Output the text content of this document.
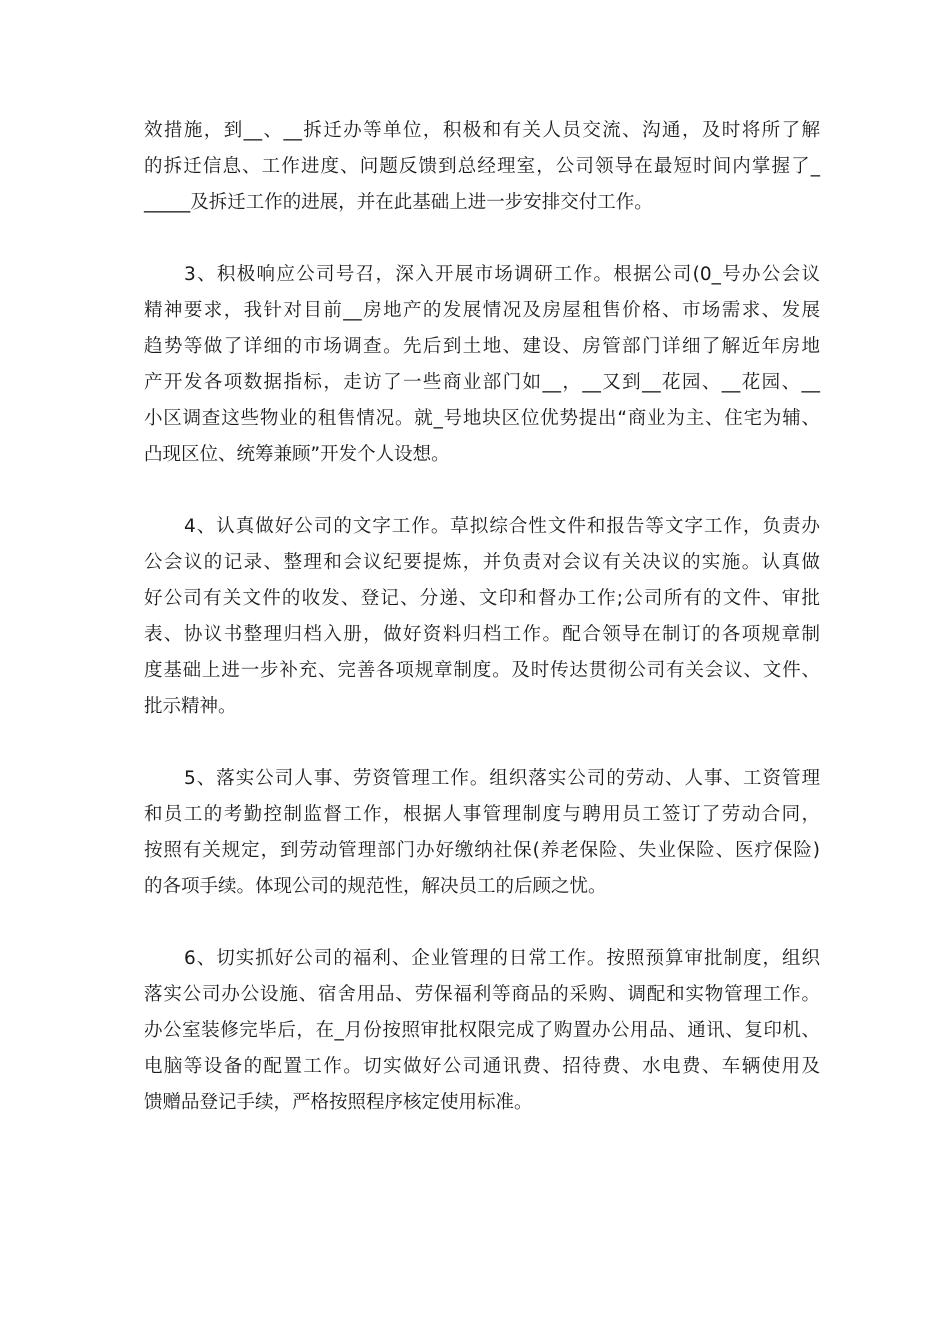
效措施，到__、__拆迁办等单位，积极和有关人员交流、沟通，及时将所了解
的拆迁信息、工作进度、问题反馈到总经理室，公司领导在最短时间内掌握了_
_____及拆迁工作的进展，并在此基础上进一步安排交付工作。

3、积极响应公司号召，深入开展市场调研工作。根据公司(0_号办公会议
精神要求，我针对目前__房地产的发展情况及房屋租售价格、市场需求、发展
趋势等做了详细的市场调查。先后到土地、建设、房管部门详细了解近年房地
产开发各项数据指标，走访了一些商业部门如__，__又到__花园、__花园、__
小区调查这些物业的租售情况。就_号地块区位优势提出“商业为主、住宅为辅、
凸现区位、统筹兼顾”开发个人设想。

4、认真做好公司的文字工作。草拟综合性文件和报告等文字工作，负责办
公会议的记录、整理和会议纪要提炼，并负责对会议有关决议的实施。认真做
好公司有关文件的收发、登记、分递、文印和督办工作;公司所有的文件、审批
表、协议书整理归档入册，做好资料归档工作。配合领导在制订的各项规章制
度基础上进一步补充、完善各项规章制度。及时传达贯彻公司有关会议、文件、
批示精神。

5、落实公司人事、劳资管理工作。组织落实公司的劳动、人事、工资管理
和员工的考勤控制监督工作，根据人事管理制度与聘用员工签订了劳动合同，
按照有关规定，到劳动管理部门办好缴纳社保(养老保险、失业保险、医疗保险)
的各项手续。体现公司的规范性，解决员工的后顾之忧。

6、切实抓好公司的福利、企业管理的日常工作。按照预算审批制度，组织
落实公司办公设施、宿舍用品、劳保福利等商品的采购、调配和实物管理工作。
办公室装修完毕后，在_月份按照审批权限完成了购置办公用品、通讯、复印机、
电脑等设备的配置工作。切实做好公司通讯费、招待费、水电费、车辆使用及
馈赠品登记手续，严格按照程序核定使用标准。
